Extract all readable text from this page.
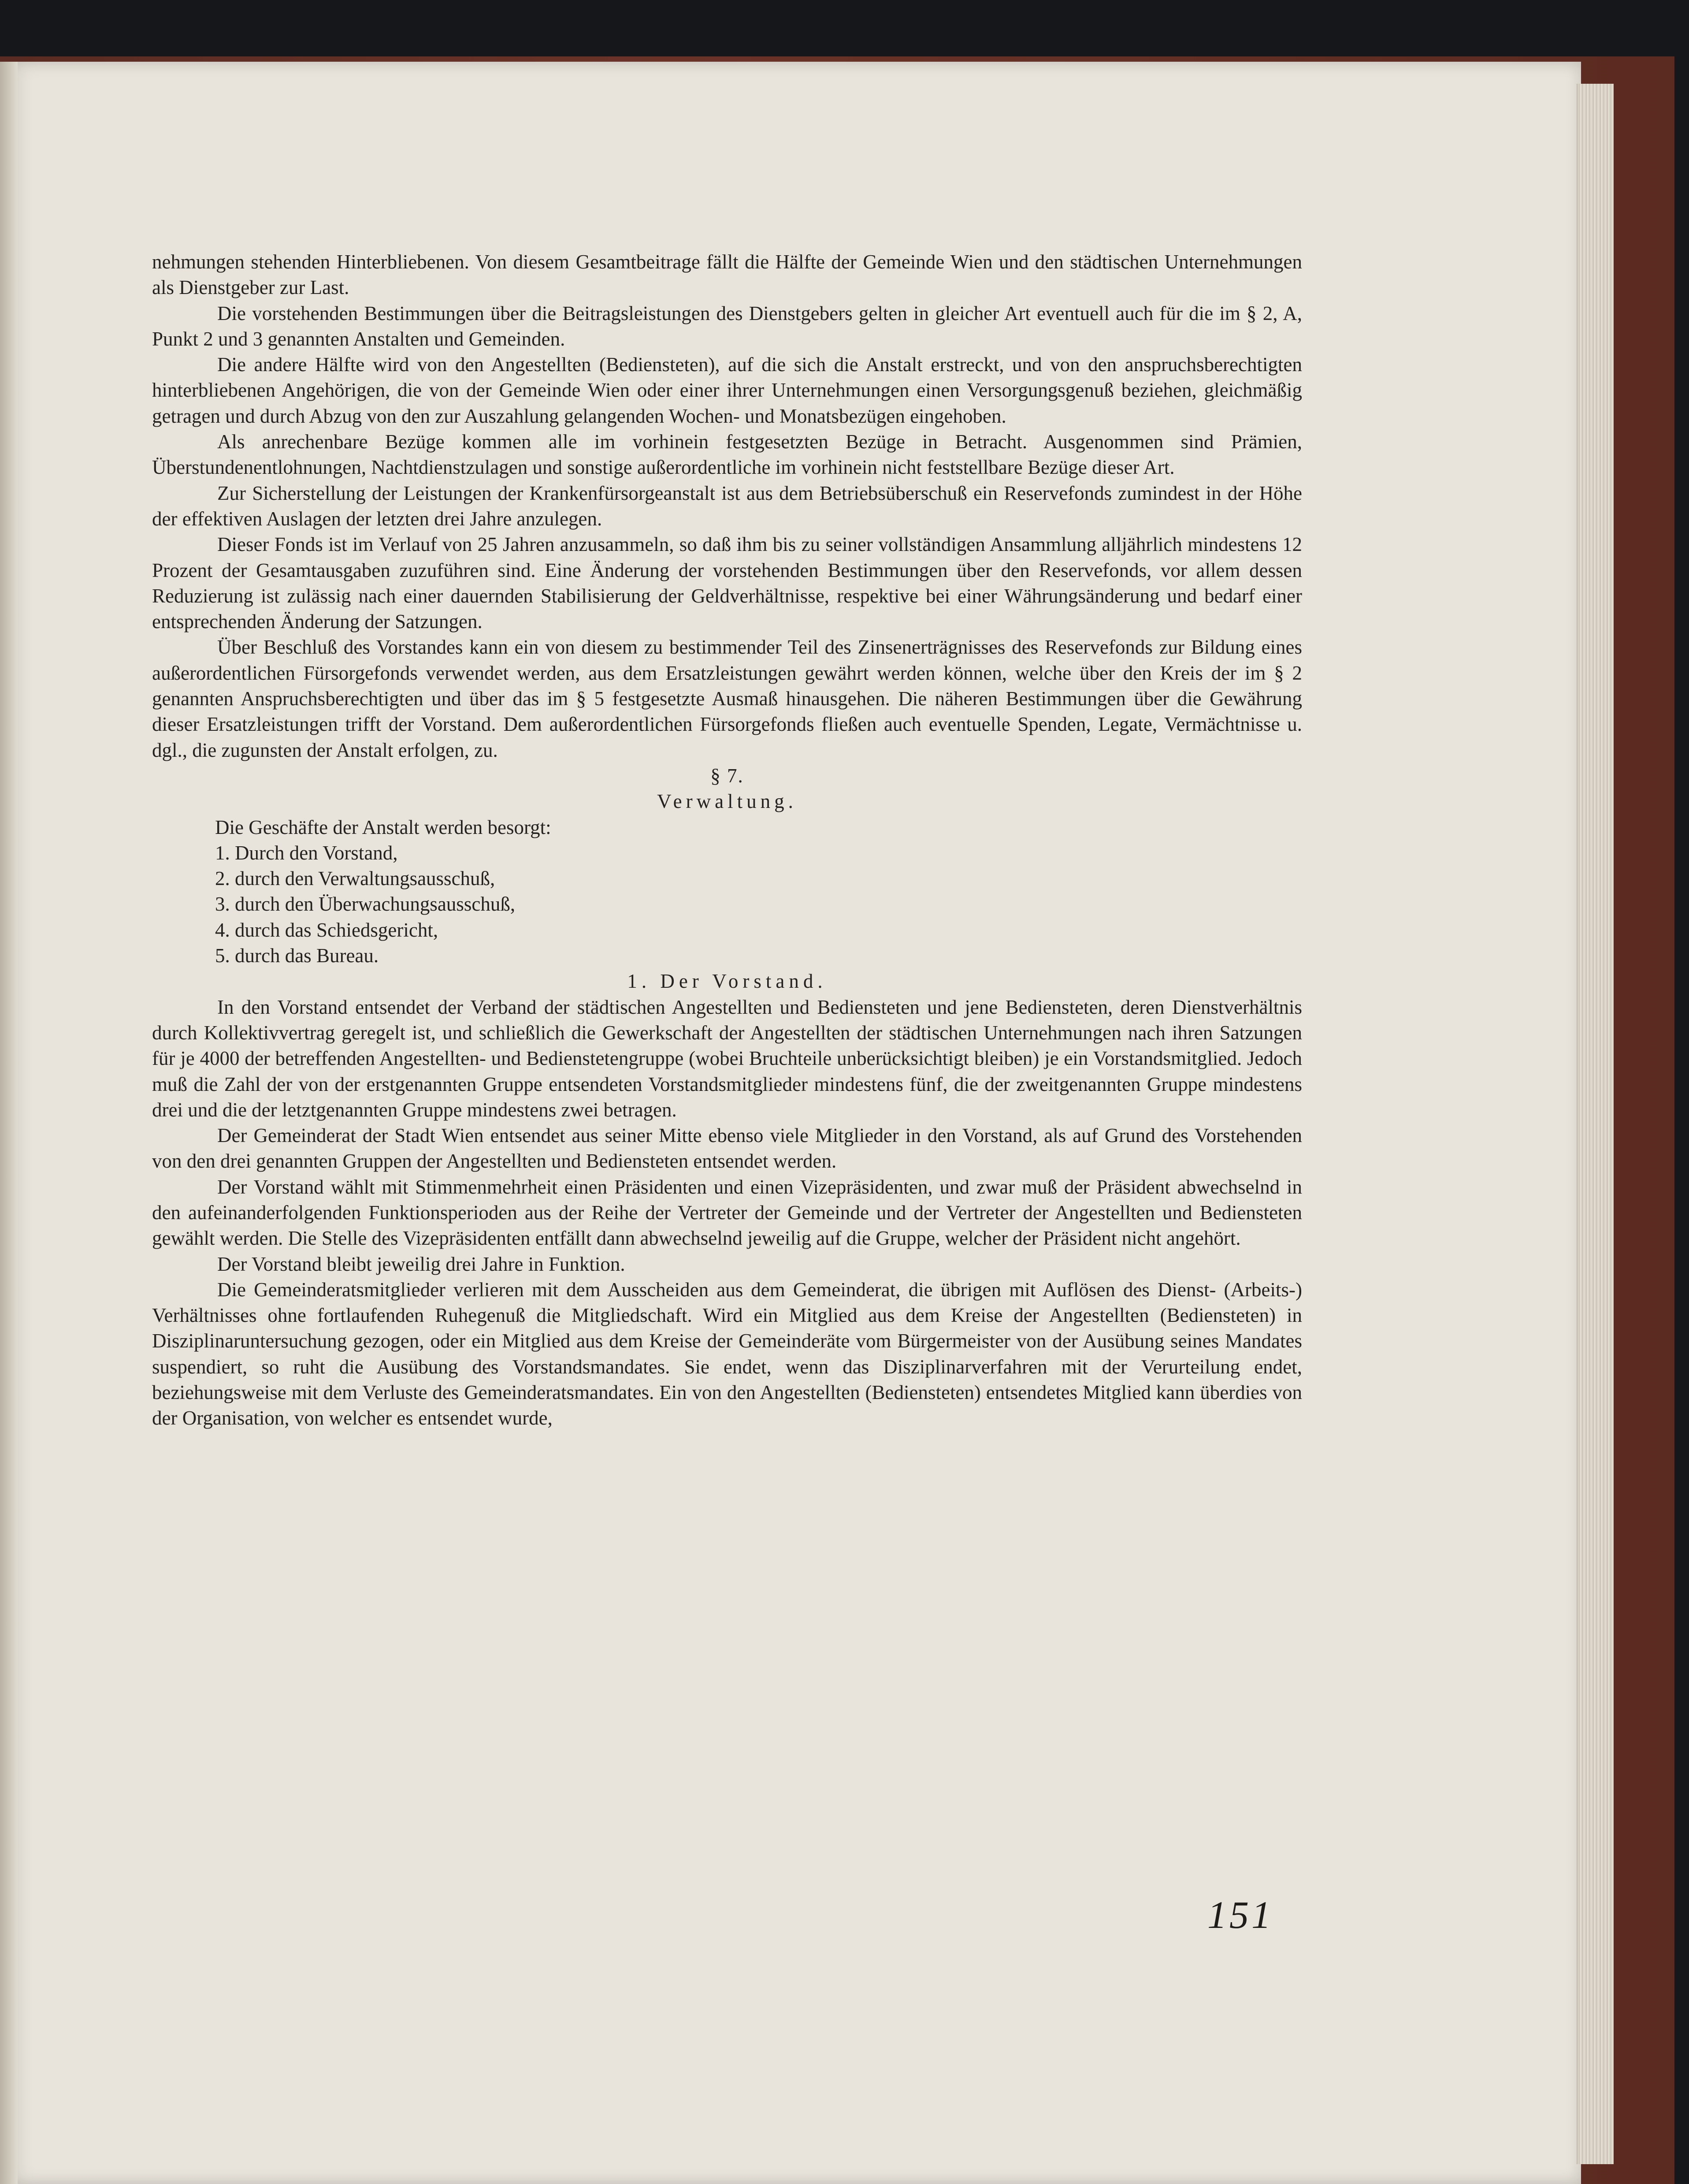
nehmungen stehenden Hinterbliebenen. Von diesem Gesamtbeitrage fällt die Hälfte der Gemeinde Wien und den städtischen Unternehmungen als Dienstgeber zur Last.

Die vorstehenden Bestimmungen über die Beitragsleistungen des Dienstgebers gelten in gleicher Art eventuell auch für die im § 2, A, Punkt 2 und 3 genannten Anstalten und Gemeinden.

Die andere Hälfte wird von den Angestellten (Bediensteten), auf die sich die Anstalt erstreckt, und von den anspruchsberechtigten hinterbliebenen Angehörigen, die von der Gemeinde Wien oder einer ihrer Unternehmungen einen Versorgungsgenuß beziehen, gleichmäßig getragen und durch Abzug von den zur Auszahlung gelangenden Wochen- und Monatsbezügen eingehoben.

Als anrechenbare Bezüge kommen alle im vorhinein festgesetzten Bezüge in Betracht. Ausgenommen sind Prämien, Überstundenentlohnungen, Nachtdienstzulagen und sonstige außerordentliche im vorhinein nicht feststellbare Bezüge dieser Art.

Zur Sicherstellung der Leistungen der Krankenfürsorgeanstalt ist aus dem Betriebsüberschuß ein Reservefonds zumindest in der Höhe der effektiven Auslagen der letzten drei Jahre anzulegen.

Dieser Fonds ist im Verlauf von 25 Jahren anzusammeln, so daß ihm bis zu seiner vollständigen Ansammlung alljährlich mindestens 12 Prozent der Gesamtausgaben zuzuführen sind. Eine Änderung der vorstehenden Bestimmungen über den Reservefonds, vor allem dessen Reduzierung ist zulässig nach einer dauernden Stabilisierung der Geldverhältnisse, respektive bei einer Währungsänderung und bedarf einer entsprechenden Änderung der Satzungen.

Über Beschluß des Vorstandes kann ein von diesem zu bestimmender Teil des Zinsenerträgnisses des Reservefonds zur Bildung eines außerordentlichen Fürsorgefonds verwendet werden, aus dem Ersatzleistungen gewährt werden können, welche über den Kreis der im § 2 genannten Anspruchsberechtigten und über das im § 5 festgesetzte Ausmaß hinausgehen. Die näheren Bestimmungen über die Gewährung dieser Ersatzleistungen trifft der Vorstand. Dem außerordentlichen Fürsorgefonds fließen auch eventuelle Spenden, Legate, Vermächtnisse u. dgl., die zugunsten der Anstalt erfolgen, zu.

§ 7.

Verwaltung.

Die Geschäfte der Anstalt werden besorgt:

1. Durch den Vorstand,
2. durch den Verwaltungsausschuß,
3. durch den Überwachungsausschuß,
4. durch das Schiedsgericht,
5. durch das Bureau.

1. Der Vorstand.

In den Vorstand entsendet der Verband der städtischen Angestellten und Bediensteten und jene Bediensteten, deren Dienstverhältnis durch Kollektivvertrag geregelt ist, und schließlich die Gewerkschaft der Angestellten der städtischen Unternehmungen nach ihren Satzungen für je 4000 der betreffenden Angestellten- und Bedienstetengruppe (wobei Bruchteile unberücksichtigt bleiben) je ein Vorstandsmitglied. Jedoch muß die Zahl der von der erstgenannten Gruppe entsendeten Vorstandsmitglieder mindestens fünf, die der zweitgenannten Gruppe mindestens drei und die der letztgenannten Gruppe mindestens zwei betragen.

Der Gemeinderat der Stadt Wien entsendet aus seiner Mitte ebenso viele Mitglieder in den Vorstand, als auf Grund des Vorstehenden von den drei genannten Gruppen der Angestellten und Bediensteten entsendet werden.

Der Vorstand wählt mit Stimmenmehrheit einen Präsidenten und einen Vizepräsidenten, und zwar muß der Präsident abwechselnd in den aufeinanderfolgenden Funktionsperioden aus der Reihe der Vertreter der Gemeinde und der Vertreter der Angestellten und Bediensteten gewählt werden. Die Stelle des Vizepräsidenten entfällt dann abwechselnd jeweilig auf die Gruppe, welcher der Präsident nicht angehört.

Der Vorstand bleibt jeweilig drei Jahre in Funktion.

Die Gemeinderatsmitglieder verlieren mit dem Ausscheiden aus dem Gemeinderat, die übrigen mit Auflösen des Dienst- (Arbeits-) Verhältnisses ohne fortlaufenden Ruhegenuß die Mitgliedschaft. Wird ein Mitglied aus dem Kreise der Angestellten (Bediensteten) in Disziplinaruntersuchung gezogen, oder ein Mitglied aus dem Kreise der Gemeinderäte vom Bürgermeister von der Ausübung seines Mandates suspendiert, so ruht die Ausübung des Vorstandsmandates. Sie endet, wenn das Disziplinarverfahren mit der Verurteilung endet, beziehungsweise mit dem Verluste des Gemeinderatsmandates. Ein von den Angestellten (Bediensteten) entsendetes Mitglied kann überdies von der Organisation, von welcher es entsendet wurde,

151
